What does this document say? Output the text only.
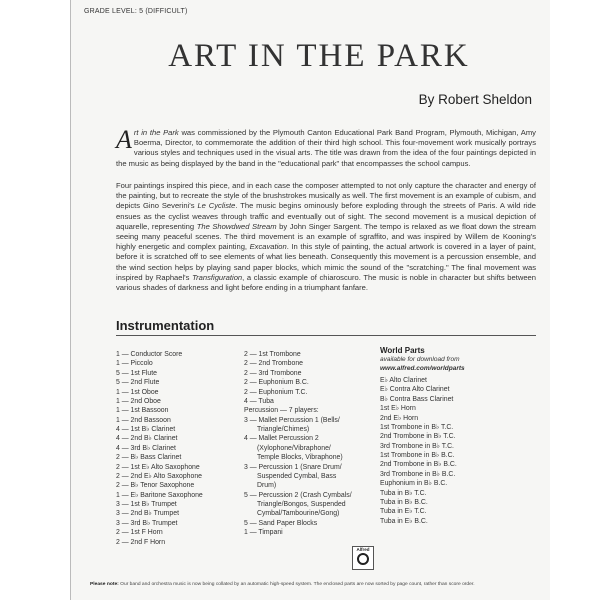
GRADE LEVEL: 5 (DIFFICULT)
ART IN THE PARK
By Robert Sheldon

Art in the Park was commissioned by the Plymouth Canton Educational Park Band Program, Plymouth, Michigan, Amy Boerma, Director, to commemorate the addition of their third high school. This four-movement work musically portrays various styles and techniques used in the visual arts. The title was drawn from the idea of the four paintings depicted in the music as being displayed by the band in the "educational park" that encompasses the school campus.

Four paintings inspired this piece, and in each case the composer attempted to not only capture the character and energy of the painting, but to recreate the style of the brushstrokes musically as well. The first movement is an example of cubism, and depicts Gino Severini's Le Cycliste. The music begins ominously before exploding through the streets of Paris. A wild ride ensues as the cyclist weaves through traffic and eventually out of sight. The second movement is a musical depiction of aquarelle, representing The Showdwed Stream by John Singer Sargent. The tempo is relaxed as we float down the stream seeing many peaceful scenes. The third movement is an example of sgraffito, and was inspired by Willem de Kooning's highly energetic and complex painting, Excavation. In this style of painting, the actual artwork is covered in a layer of paint, before it is scratched off to see elements of what lies beneath. Consequently this movement is a percussion ensemble, and the wind section helps by playing sand paper blocks, which mimic the sound of the "scratching." The final movement was inspired by Raphael's Transfiguration, a classic example of chiaroscuro. The music is noble in character but shifts between various shades of darkness and light before ending in a triumphant fanfare.

Instrumentation
1 — Conductor Score
1 — Piccolo
5 — 1st Flute
5 — 2nd Flute
1 — 1st Oboe
1 — 2nd Oboe
1 — 1st Bassoon
1 — 2nd Bassoon
4 — 1st B♭ Clarinet
4 — 2nd B♭ Clarinet
4 — 3rd B♭ Clarinet
2 — B♭ Bass Clarinet
2 — 1st E♭ Alto Saxophone
2 — 2nd E♭ Alto Saxophone
2 — B♭ Tenor Saxophone
1 — E♭ Baritone Saxophone
3 — 1st B♭ Trumpet
3 — 2nd B♭ Trumpet
3 — 3rd B♭ Trumpet
2 — 1st F Horn
2 — 2nd F Horn
2 — 1st Trombone
2 — 2nd Trombone
2 — 3rd Trombone
2 — Euphonium B.C.
2 — Euphonium T.C.
4 — Tuba
Percussion — 7 players:
3 — Mallet Percussion 1 (Bells/
Triangle/Chimes)
4 — Mallet Percussion 2
(Xylophone/Vibraphone/
Temple Blocks, Vibraphone)
3 — Percussion 1 (Snare Drum/
Suspended Cymbal, Bass
Drum)
5 — Percussion 2 (Crash Cymbals/
Triangle/Bongos, Suspended
Cymbal/Tambourine/Gong)
5 — Sand Paper Blocks
1 — Timpani
World Parts
available for download from
www.alfred.com/worldparts
E♭ Alto Clarinet
E♭ Contra Alto Clarinet
B♭ Contra Bass Clarinet
1st E♭ Horn
2nd E♭ Horn
1st Trombone in B♭ T.C.
2nd Trombone in B♭ T.C.
3rd Trombone in B♭ T.C.
1st Trombone in B♭ B.C.
2nd Trombone in B♭ B.C.
3rd Trombone in B♭ B.C.
Euphonium in B♭ B.C.
Tuba in B♭ T.C.
Tuba in B♭ B.C.
Tuba in E♭ T.C.
Tuba in E♭ B.C.
Alfred
Please note: Our band and orchestra music is now being collated by an automatic high-speed system. The enclosed parts are now sorted by page count, rather than score order.
